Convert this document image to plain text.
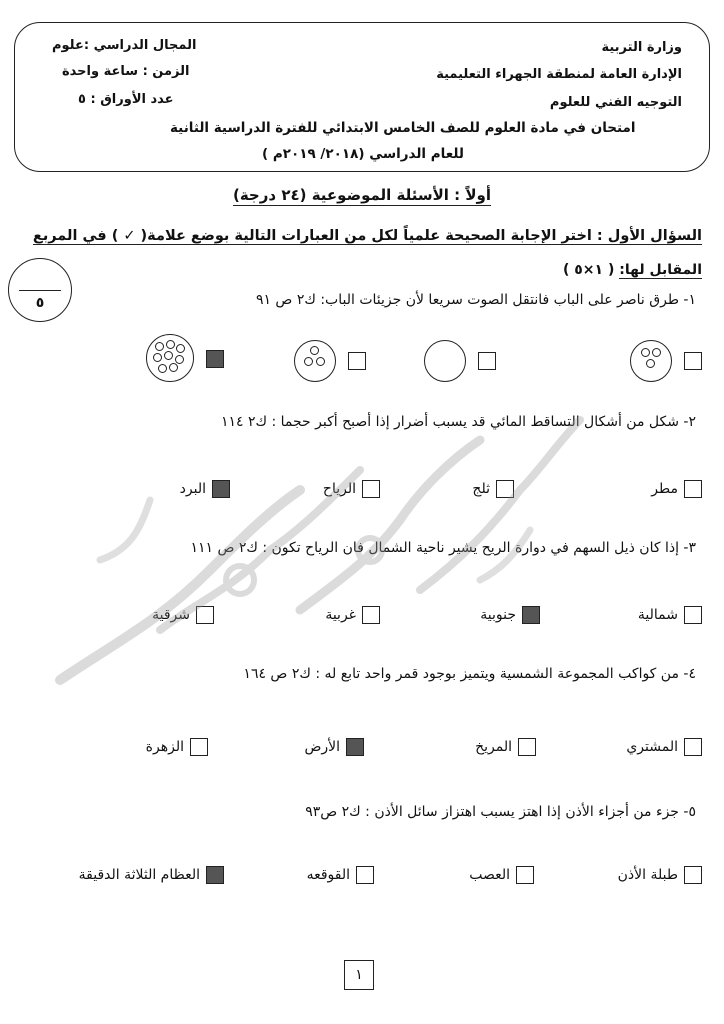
وزارة التربية
الإدارة العامة لمنطقة الجهراء التعليمية
التوجيه الفني للعلوم
المجال الدراسي :علوم
الزمن : ساعة واحدة
عدد الأوراق : ٥
امتحان في مادة العلوم للصف الخامس الابتدائي للفترة الدراسية الثانية
للعام الدراسي (٢٠١٨/ ٢٠١٩م )
أولاً : الأسئلة الموضوعية (٢٤ درجة)
السؤال الأول : اختر الإجابة الصحيحة علمياً لكل من العبارات التالية بوضع علامة( ✓ ) في المربع
المقابل لها: ( ١×٥ )
٥	١- طرق ناصر على الباب فانتقل الصوت سريعا لأن جزيئات الباب: ك٢ ص ٩١
٢- شكل من أشكال التساقط المائي قد يسبب أضرار إذا أصبح أكبر حجما : ك٢ ١١٤
مطر
ثلج
الرياح
البرد
٣- إذا كان ذيل السهم في دوارة الريح يشير ناحية الشمال فان الرياح تكون : ك٢ ص ١١١
شمالية
جنوبية
غربية
شرقية
٤- من كواكب المجموعة الشمسية ويتميز بوجود قمر واحد تابع له : ك٢ ص ١٦٤
المشتري
المريخ
الأرض
الزهرة
٥- جزء من أجزاء الأذن إذا اهتز يسبب اهتزاز سائل الأذن : ك٢ ص٩٣
طبلة الأذن
العصب
القوقعه
العظام الثلاثة الدقيقة
١
